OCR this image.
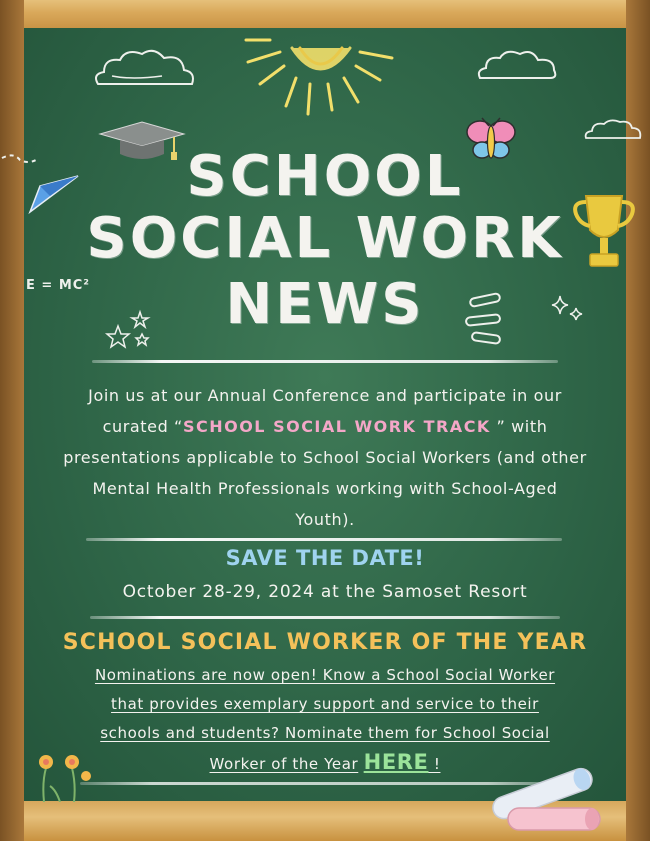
E = MC²
SCHOOL
SOCIAL WORK
NEWS
Join us at our Annual Conference and participate in our curated “SCHOOL SOCIAL WORK TRACK ” with presentations applicable to School Social Workers (and other Mental Health Professionals working with School-Aged Youth).
SAVE THE DATE!
October 28-29, 2024 at the Samoset Resort
SCHOOL SOCIAL WORKER OF THE YEAR
Nominations are now open! Know a School Social Worker that provides exemplary support and service to their schools and students? Nominate them for School Social Worker of the Year HERE !
